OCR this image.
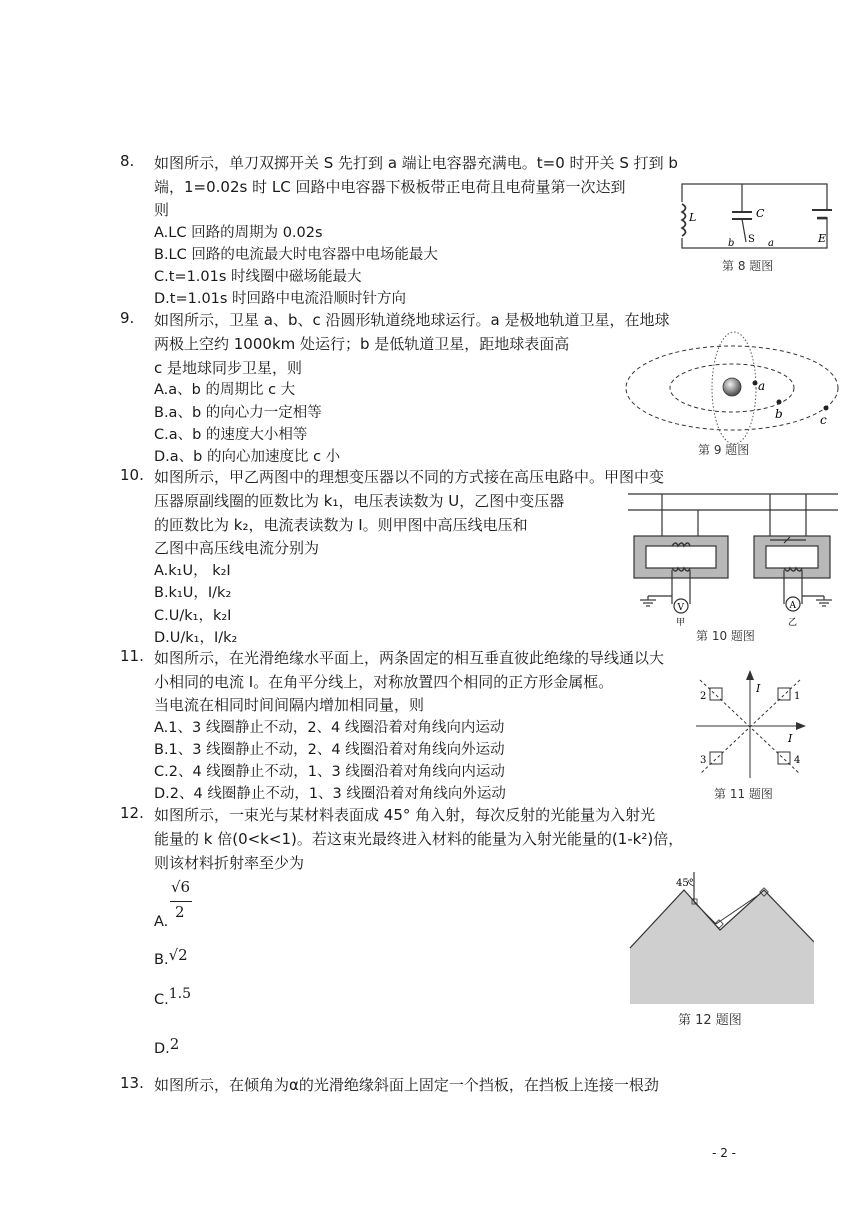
8. 如图所示，单刀双掷开关 S 先打到 a 端让电容器充满电。t=0 时开关 S 打到 b
端，1=0.02s 时 LC 回路中电容器下极板带正电荷且电荷量第一次达到
则
A.LC 回路的周期为 0.02s
B.LC 回路的电流最大时电容器中电场能最大
C.t=1.01s 时线圈中磁场能最大
D.t=1.01s 时回路中电流沿顺时针方向
L	C
S	E
b	a
第 8 题图
9. 如图所示，卫星 a、b、c 沿圆形轨道绕地球运行。a 是极地轨道卫星，在地球
两极上空约 1000km 处运行；b 是低轨道卫星，距地球表面高
c 是地球同步卫星，则
A.a、b 的周期比 c 大
B.a、b 的向心力一定相等
C.a、b 的速度大小相等
D.a、b 的向心加速度比 c 小
a
b	c
第 9 题图
10. 如图所示，甲乙两图中的理想变压器以不同的方式接在高压电路中。甲图中变
压器原副线圈的匝数比为 k₁，电压表读数为 U，乙图中变压器
的匝数比为 k₂，电流表读数为 I。则甲图中高压线电压和
乙图中高压线电流分别为
A.k₁U， k₂I
B.k₁U，I/k₂
C.U/k₁，k₂I
D.U/k₁，I/k₂
V	A
甲	乙
第 10 题图
11. 如图所示，在光滑绝缘水平面上，两条固定的相互垂直彼此绝缘的导线通以大
小相同的电流 I。在角平分线上，对称放置四个相同的正方形金属框。
当电流在相同时间间隔内增加相同量，则
A.1、3 线圈静止不动，2、4 线圈沿着对角线向内运动
B.1、3 线圈静止不动，2、4 线圈沿着对角线向外运动
C.2、4 线圈静止不动，1、3 线圈沿着对角线向内运动
D.2、4 线圈静止不动，1、3 线圈沿着对角线向外运动
2	1
3	4
I
I
第 11 题图
12. 如图所示，一束光与某材料表面成 45° 角入射，每次反射的光能量为入射光
能量的 k 倍(0<k<1)。若这束光最终进入材料的能量为入射光能量的(1-k²)倍，
则该材料折射率至少为
A.
√6
2
B.√2
C.1.5
D.2
45°
第 12 题图
13. 如图所示，在倾角为α的光滑绝缘斜面上固定一个挡板，在挡板上连接一根劲
- 2 -
